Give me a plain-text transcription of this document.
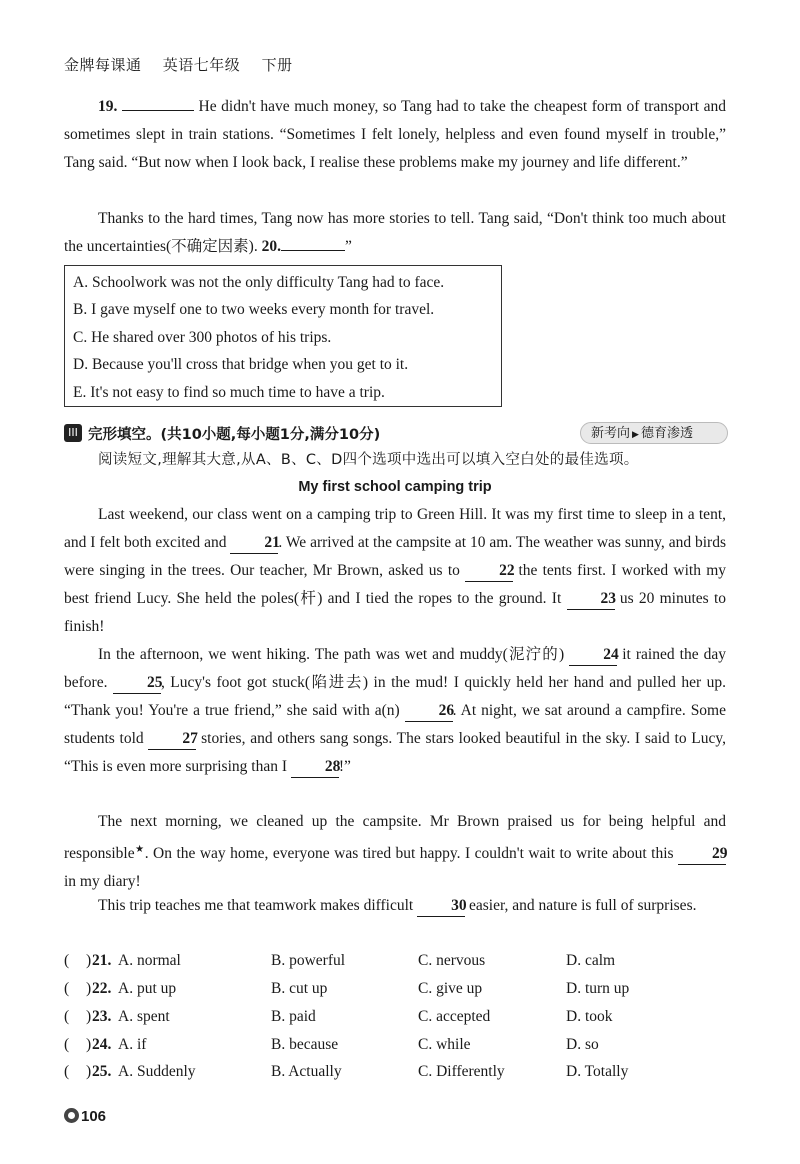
金牌每课通 英语七年级 下册
19.	He didn't have much money, so Tang had to take the cheapest form of transport and sometimes slept in train stations. “Sometimes I felt lonely, helpless and even found myself in trouble,” Tang said. “But now when I look back, I realise these problems make my journey and life different.”
Thanks to the hard times, Tang now has more stories to tell. Tang said, “Don't think too much about the uncertainties(不确定因素). 20.	”
A. Schoolwork was not the only difficulty Tang had to face.
B. I gave myself one to two weeks every month for travel.
C. He shared over 300 photos of his trips.
D. Because you'll cross that bridge when you get to it.
E. It's not easy to find so much time to have a trip.
III 完形填空。(共10小题,每小题1分,满分10分)	新考向 ▶ 德育渗透
阅读短文,理解其大意,从A、B、C、D四个选项中选出可以填入空白处的最佳选项。
My first school camping trip
Last weekend, our class went on a camping trip to Green Hill. It was my first time to sleep in a tent, and I felt both excited and 21. We arrived at the campsite at 10 am. The weather was sunny, and birds were singing in the trees. Our teacher, Mr Brown, asked us to	22 the tents first. I worked with my best friend Lucy. She held the poles(杆) and I tied the ropes to the ground. It	23 us 20 minutes to finish!
In the afternoon, we went hiking. The path was wet and muddy(泥泞的)	24 it rained the day before.	25, Lucy's foot got stuck(陷进去) in the mud! I quickly held her hand and pulled her up. “Thank you! You're a true friend,” she said with a(n)	26. At night, we sat around a campfire. Some students told 27 stories, and others sang songs. The stars looked beautiful in the sky. I said to Lucy, “This is even more surprising than I 28!”
The next morning, we cleaned up the campsite. Mr Brown praised us for being helpful and responsible★. On the way home, everyone was tired but happy. I couldn't wait to write about this 29 in my diary!
This trip teaches me that teamwork makes difficult 30 easier, and nature is full of surprises.
( ) 21. A. normal	B. powerful	C. nervous	D. calm
( ) 22. A. put up	B. cut up	C. give up	D. turn up
( ) 23. A. spent	B. paid	C. accepted	D. took
( ) 24. A. if	B. because	C. while	D. so
( ) 25. A. Suddenly	B. Actually	C. Differently	D. Totally
106
